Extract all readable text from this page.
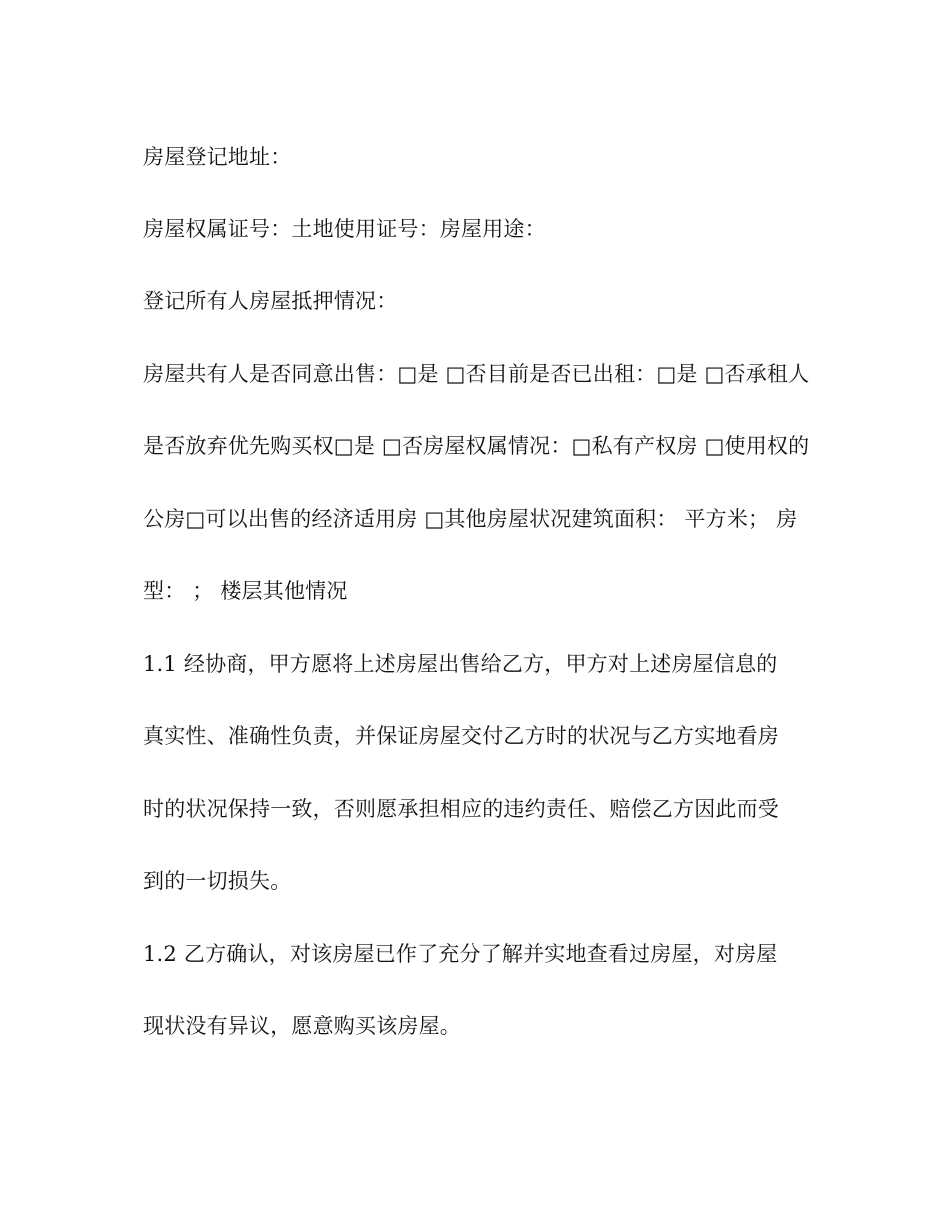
房屋登记地址：
房屋权属证号：土地使用证号：房屋用途：
登记所有人房屋抵押情况：
房屋共有人是否同意出售：□是 □否目前是否已出租：□是 □否承租人
是否放弃优先购买权□是 □否房屋权属情况：□私有产权房 □使用权的
公房□可以出售的经济适用房 □其他房屋状况建筑面积： 平方米； 房
型： ； 楼层其他情况
1.1 经协商，甲方愿将上述房屋出售给乙方，甲方对上述房屋信息的
真实性、准确性负责，并保证房屋交付乙方时的状况与乙方实地看房
时的状况保持一致，否则愿承担相应的违约责任、赔偿乙方因此而受
到的一切损失。
1.2 乙方确认，对该房屋已作了充分了解并实地查看过房屋，对房屋
现状没有异议，愿意购买该房屋。
